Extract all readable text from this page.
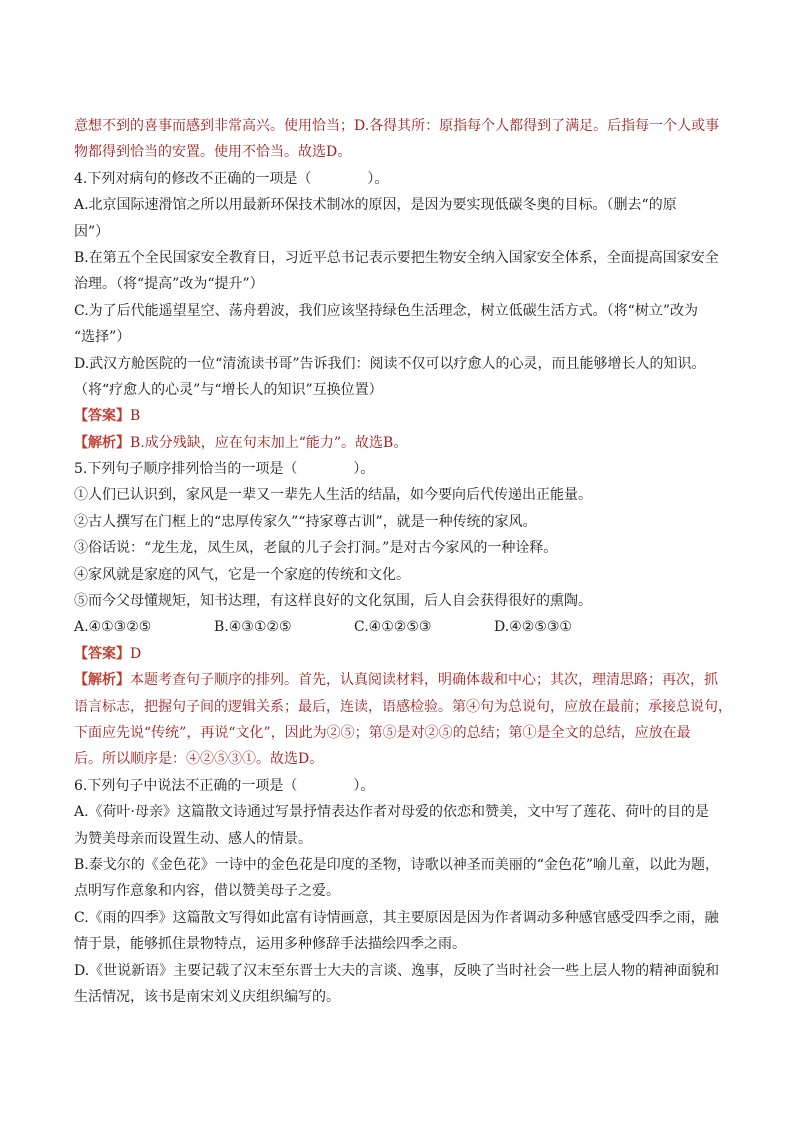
意想不到的喜事而感到非常高兴。使用恰当；D.各得其所：原指每个人都得到了满足。后指每一个人或事
物都得到恰当的安置。使用不恰当。故选D。
4.下列对病句的修改不正确的一项是（　　　　）。
A.北京国际速滑馆之所以用最新环保技术制冰的原因，是因为要实现低碳冬奥的目标。（删去“的原
因”）
B.在第五个全民国家安全教育日，习近平总书记表示要把生物安全纳入国家安全体系，全面提高国家安全
治理。（将“提高”改为“提升”）
C.为了后代能遥望星空、荡舟碧波，我们应该坚持绿色生活理念，树立低碳生活方式。（将“树立”改为
“选择”）
D.武汉方舱医院的一位“清流读书哥”告诉我们：阅读不仅可以疗愈人的心灵，而且能够增长人的知识。
（将“疗愈人的心灵”与“增长人的知识”互换位置）
【答案】B
【解析】B.成分残缺，应在句末加上“能力”。故选B。
5.下列句子顺序排列恰当的一项是（　　　　）。
①人们已认识到，家风是一辈又一辈先人生活的结晶，如今要向后代传递出正能量。
②古人撰写在门框上的“忠厚传家久”“持家尊古训”，就是一种传统的家风。
③俗话说：“龙生龙，凤生凤，老鼠的儿子会打洞。”是对古今家风的一种诠释。
④家风就是家庭的风气，它是一个家庭的传统和文化。
⑤而今父母懂规矩，知书达理，有这样良好的文化氛围，后人自会获得很好的熏陶。
A.④①③②⑤	B.④③①②⑤	C.④①②⑤③	D.④②⑤③①
【答案】D
【解析】本题考查句子顺序的排列。首先，认真阅读材料，明确体裁和中心；其次，理清思路；再次，抓
语言标志，把握句子间的逻辑关系；最后，连读，语感检验。第④句为总说句，应放在最前；承接总说句，
下面应先说“传统”，再说“文化”，因此为②⑤；第⑤是对②⑤的总结；第①是全文的总结，应放在最
后。所以顺序是：④②⑤③①。故选D。
6.下列句子中说法不正确的一项是（　　　　）。
A.《荷叶·母亲》这篇散文诗通过写景抒情表达作者对母爱的依恋和赞美，文中写了莲花、荷叶的目的是
为赞美母亲而设置生动、感人的情景。
B.泰戈尔的《金色花》一诗中的金色花是印度的圣物，诗歌以神圣而美丽的“金色花”喻儿童，以此为题，
点明写作意象和内容，借以赞美母子之爱。
C.《雨的四季》这篇散文写得如此富有诗情画意，其主要原因是因为作者调动多种感官感受四季之雨，融
情于景，能够抓住景物特点，运用多种修辞手法描绘四季之雨。
D.《世说新语》主要记载了汉末至东晋士大夫的言谈、逸事，反映了当时社会一些上层人物的精神面貌和
生活情况，该书是南宋刘义庆组织编写的。
